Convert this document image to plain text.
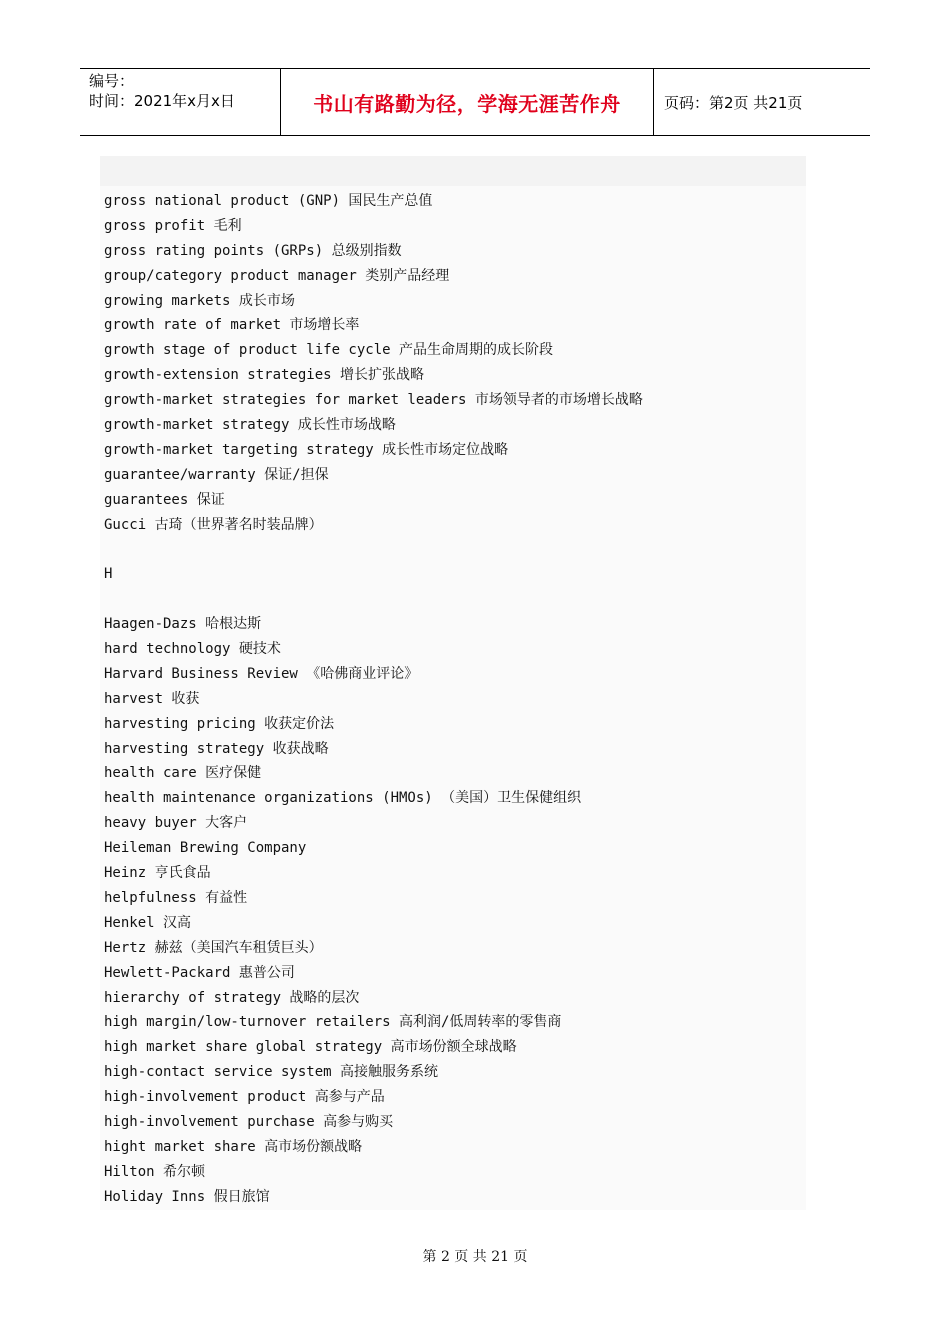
编号：
时间：2021年x月x日	书山有路勤为径，学海无涯苦作舟	页码：第2页 共21页
gross national product (GNP) 国民生产总值
gross profit 毛利
gross rating points (GRPs) 总级别指数
group/category product manager 类别产品经理
growing markets 成长市场
growth rate of market 市场增长率
growth stage of product life cycle 产品生命周期的成长阶段
growth-extension strategies 增长扩张战略
growth-market strategies for market leaders 市场领导者的市场增长战略
growth-market strategy 成长性市场战略
growth-market targeting strategy 成长性市场定位战略
guarantee/warranty 保证/担保
guarantees 保证
Gucci 古琦（世界著名时装品牌）
H
Haagen-Dazs 哈根达斯
hard technology 硬技术
Harvard Business Review 《哈佛商业评论》
harvest 收获
harvesting pricing 收获定价法
harvesting strategy 收获战略
health care 医疗保健
health maintenance organizations (HMOs) （美国）卫生保健组织
heavy buyer 大客户
Heileman Brewing Company
Heinz 亨氏食品
helpfulness 有益性
Henkel 汉高
Hertz 赫兹（美国汽车租赁巨头）
Hewlett-Packard 惠普公司
hierarchy of strategy 战略的层次
high margin/low-turnover retailers 高利润/低周转率的零售商
high market share global strategy 高市场份额全球战略
high-contact service system 高接触服务系统
high-involvement product 高参与产品
high-involvement purchase 高参与购买
hight market share 高市场份额战略
Hilton 希尔顿
Holiday Inns 假日旅馆
第 2 页 共 21 页
